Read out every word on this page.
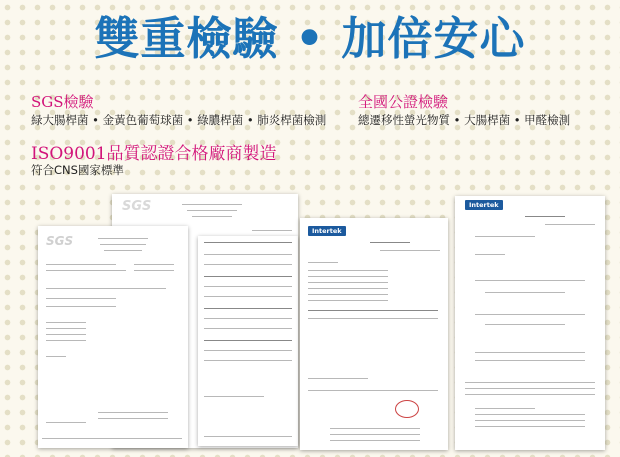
雙重檢驗 • 加倍安心
SGS檢驗
緑大腸桿菌 • 金黃色葡萄球菌 • 綠膿桿菌 • 肺炎桿菌檢測
全國公證檢驗
總遷移性螢光物質 • 大腸桿菌 • 甲醛檢測
ISO9001品質認證合格廠商製造
符合CNS國家標準
SGS
SGS
Intertek
Intertek
